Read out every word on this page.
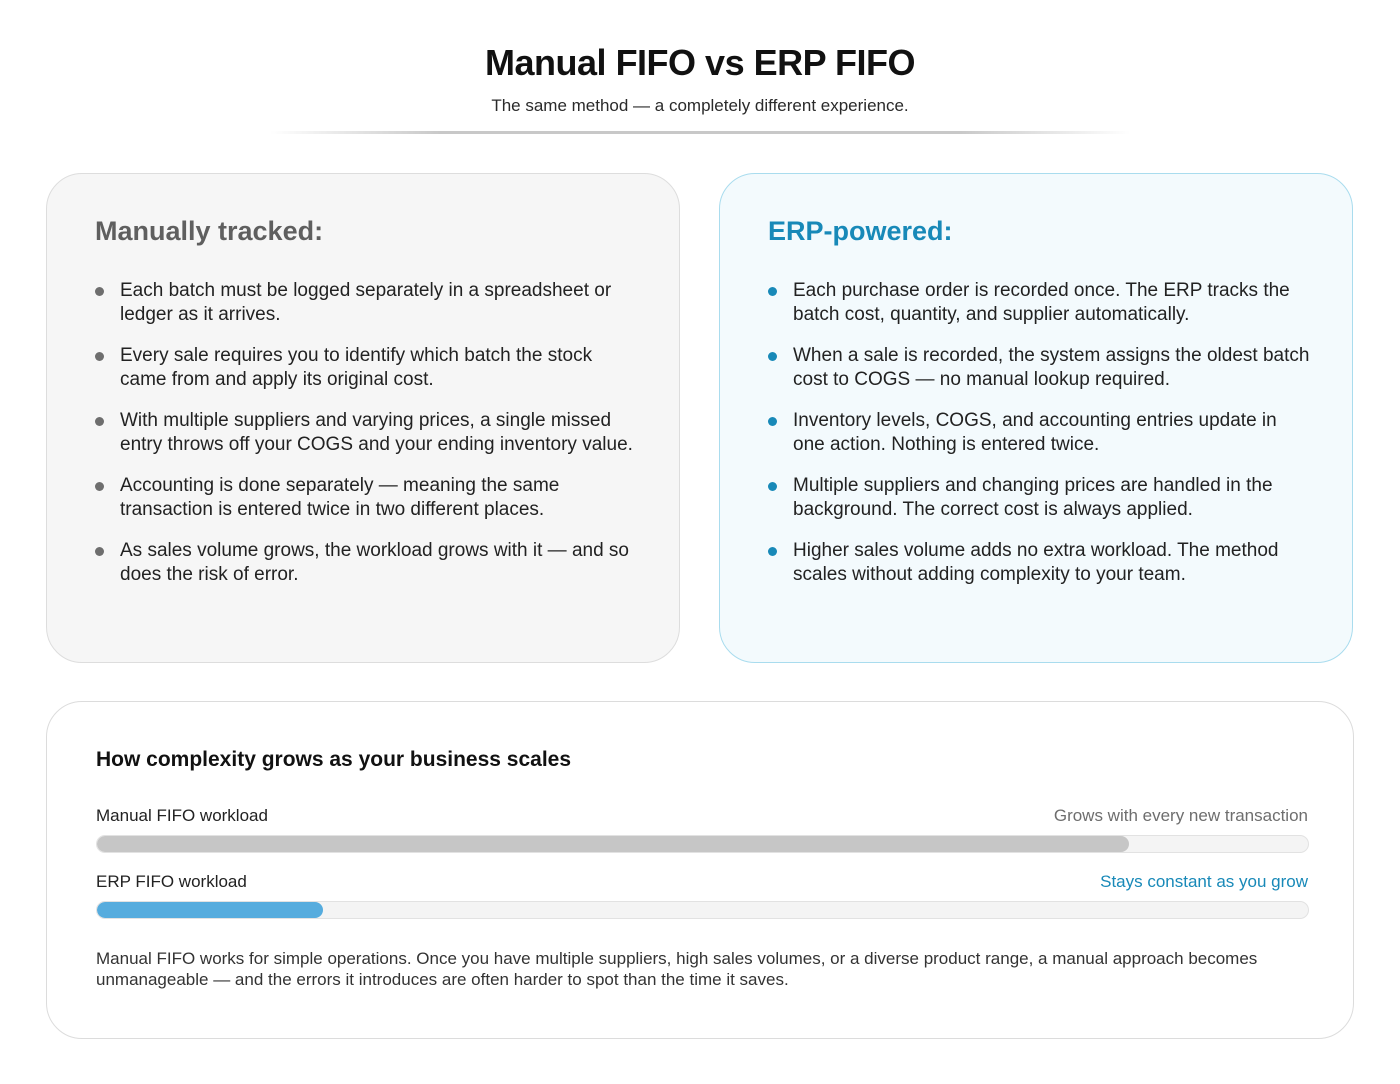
Manual FIFO vs ERP FIFO

The same method — a completely different experience.

Manually tracked:
Each batch must be logged separately in a spreadsheet or ledger as it arrives.
Every sale requires you to identify which batch the stock came from and apply its original cost.
With multiple suppliers and varying prices, a single missed entry throws off your COGS and your ending inventory value.
Accounting is done separately — meaning the same transaction is entered twice in two different places.
As sales volume grows, the workload grows with it — and so does the risk of error.
ERP-powered:
Each purchase order is recorded once. The ERP tracks the batch cost, quantity, and supplier automatically.
When a sale is recorded, the system assigns the oldest batch cost to COGS — no manual lookup required.
Inventory levels, COGS, and accounting entries update in one action. Nothing is entered twice.
Multiple suppliers and changing prices are handled in the background. The correct cost is always applied.
Higher sales volume adds no extra workload. The method scales without adding complexity to your team.
How complexity grows as your business scales
Manual FIFO workload	Grows with every new transaction
ERP FIFO workload	Stays constant as you grow

Manual FIFO works for simple operations. Once you have multiple suppliers, high sales volumes, or a diverse product range, a manual approach becomes unmanageable — and the errors it introduces are often harder to spot than the time it saves.
